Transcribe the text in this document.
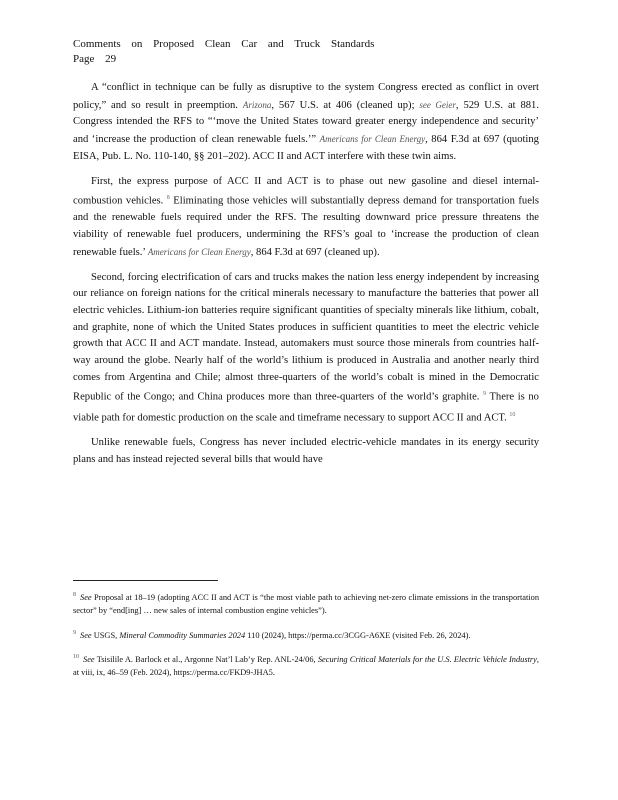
Comments on Proposed Clean Car and Truck Standards
Page 29

A “conflict in technique can be fully as disruptive to the system Congress erected as conflict in overt policy,” and so result in preemption. Arizona, 567 U.S. at 406 (cleaned up); see Geier, 529 U.S. at 881. Congress intended the RFS to “‘move the United States toward greater energy independence and security’ and ‘increase the production of clean renewable fuels.’” Americans for Clean Energy, 864 F.3d at 697 (quoting EISA, Pub. L. No. 110-140, §§ 201–202). ACC II and ACT interfere with these twin aims.

First, the express purpose of ACC II and ACT is to phase out new gasoline and diesel internal-combustion vehicles. $^8$ Eliminating those vehicles will substantially depress demand for transportation fuels and the renewable fuels required under the RFS. The resulting downward price pressure threatens the viability of renewable fuel producers, undermining the RFS’s goal to ‘increase the production of clean renewable fuels.’ Americans for Clean Energy, 864 F.3d at 697 (cleaned up).

Second, forcing electrification of cars and trucks makes the nation less energy independent by increasing our reliance on foreign nations for the critical minerals necessary to manufacture the batteries that power all electric vehicles. Lithium-ion batteries require significant quantities of specialty minerals like lithium, cobalt, and graphite, none of which the United States produces in sufficient quantities to meet the electric vehicle growth that ACC II and ACT mandate. Instead, automakers must source those minerals from countries half-way around the globe. Nearly half of the world’s lithium is produced in Australia and another nearly third comes from Argentina and Chile; almost three-quarters of the world’s cobalt is mined in the Democratic Republic of the Congo; and China produces more than three-quarters of the world’s graphite. $^9$ There is no viable path for domestic production on the scale and timeframe necessary to support ACC II and ACT. $^{10}$

Unlike renewable fuels, Congress has never included electric-vehicle mandates in its energy security plans and has instead rejected several bills that would have

$^8$ See Proposal at 18–19 (adopting ACC II and ACT is “the most viable path to achieving net-zero climate emissions in the transportation sector” by “end[ing] … new sales of internal combustion engine vehicles”).
$^9$ See USGS, Mineral Commodity Summaries 2024 110 (2024), https://perma.cc/3CGG-A6XE (visited Feb. 26, 2024).
$^{10}$ See Tsisilile A. Barlock et al., Argonne Nat’l Lab’y Rep. ANL-24/06, Securing Critical Materials for the U.S. Electric Vehicle Industry, at viii, ix, 46–59 (Feb. 2024), https://perma.cc/FKD9-JHA5.
